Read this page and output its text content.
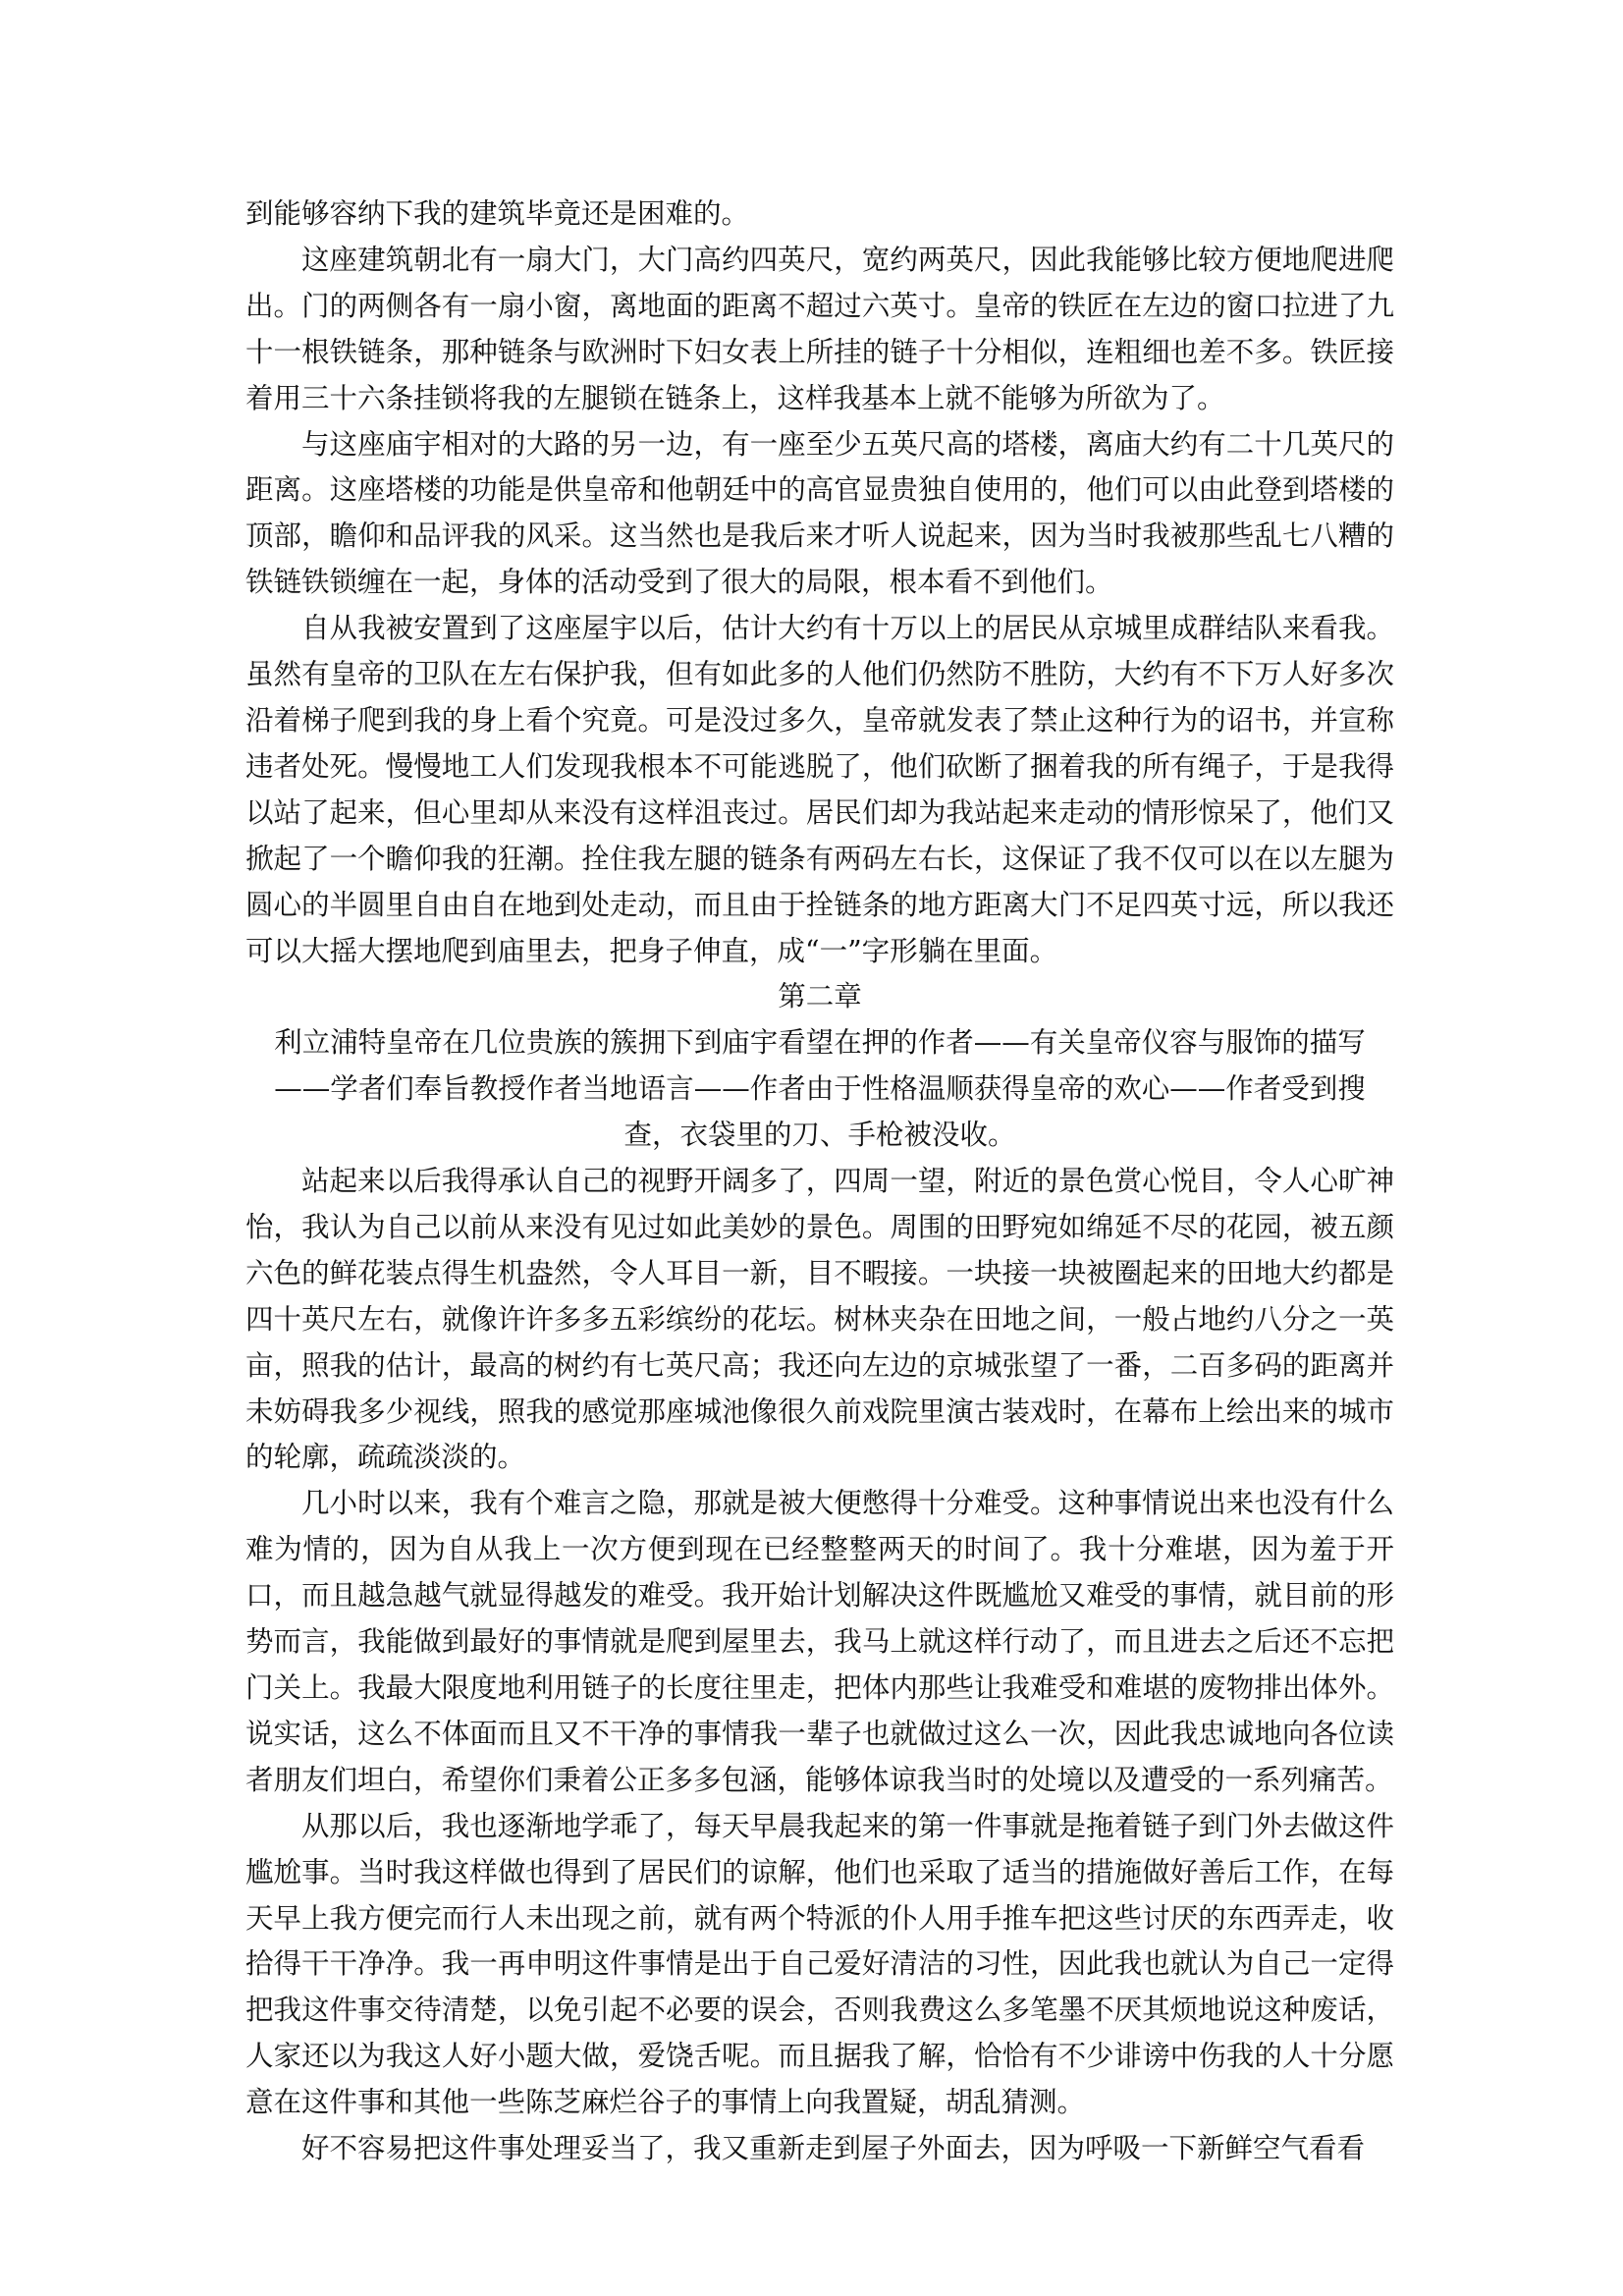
到能够容纳下我的建筑毕竟还是困难的。

这座建筑朝北有一扇大门，大门高约四英尺，宽约两英尺，因此我能够比较方便地爬进爬出。门的两侧各有一扇小窗，离地面的距离不超过六英寸。皇帝的铁匠在左边的窗口拉进了九十一根铁链条，那种链条与欧洲时下妇女表上所挂的链子十分相似，连粗细也差不多。铁匠接着用三十六条挂锁将我的左腿锁在链条上，这样我基本上就不能够为所欲为了。

与这座庙宇相对的大路的另一边，有一座至少五英尺高的塔楼，离庙大约有二十几英尺的距离。这座塔楼的功能是供皇帝和他朝廷中的高官显贵独自使用的，他们可以由此登到塔楼的顶部，瞻仰和品评我的风采。这当然也是我后来才听人说起来，因为当时我被那些乱七八糟的铁链铁锁缠在一起，身体的活动受到了很大的局限，根本看不到他们。

自从我被安置到了这座屋宇以后，估计大约有十万以上的居民从京城里成群结队来看我。虽然有皇帝的卫队在左右保护我，但有如此多的人他们仍然防不胜防，大约有不下万人好多次沿着梯子爬到我的身上看个究竟。可是没过多久，皇帝就发表了禁止这种行为的诏书，并宣称违者处死。慢慢地工人们发现我根本不可能逃脱了，他们砍断了捆着我的所有绳子，于是我得以站了起来，但心里却从来没有这样沮丧过。居民们却为我站起来走动的情形惊呆了，他们又掀起了一个瞻仰我的狂潮。拴住我左腿的链条有两码左右长，这保证了我不仅可以在以左腿为圆心的半圆里自由自在地到处走动，而且由于拴链条的地方距离大门不足四英寸远，所以我还可以大摇大摆地爬到庙里去，把身子伸直，成“一”字形躺在里面。

第二章

利立浦特皇帝在几位贵族的簇拥下到庙宇看望在押的作者——有关皇帝仪容与服饰的描写——学者们奉旨教授作者当地语言——作者由于性格温顺获得皇帝的欢心——作者受到搜查，衣袋里的刀、手枪被没收。

站起来以后我得承认自己的视野开阔多了，四周一望，附近的景色赏心悦目，令人心旷神怡，我认为自己以前从来没有见过如此美妙的景色。周围的田野宛如绵延不尽的花园，被五颜六色的鲜花装点得生机盎然，令人耳目一新，目不暇接。一块接一块被圈起来的田地大约都是四十英尺左右，就像许许多多五彩缤纷的花坛。树林夹杂在田地之间，一般占地约八分之一英亩，照我的估计，最高的树约有七英尺高；我还向左边的京城张望了一番，二百多码的距离并未妨碍我多少视线，照我的感觉那座城池像很久前戏院里演古装戏时，在幕布上绘出来的城市的轮廓，疏疏淡淡的。

几小时以来，我有个难言之隐，那就是被大便憋得十分难受。这种事情说出来也没有什么难为情的，因为自从我上一次方便到现在已经整整两天的时间了。我十分难堪，因为羞于开口，而且越急越气就显得越发的难受。我开始计划解决这件既尴尬又难受的事情，就目前的形势而言，我能做到最好的事情就是爬到屋里去，我马上就这样行动了，而且进去之后还不忘把门关上。我最大限度地利用链子的长度往里走，把体内那些让我难受和难堪的废物排出体外。说实话，这么不体面而且又不干净的事情我一辈子也就做过这么一次，因此我忠诚地向各位读者朋友们坦白，希望你们秉着公正多多包涵，能够体谅我当时的处境以及遭受的一系列痛苦。

从那以后，我也逐渐地学乖了，每天早晨我起来的第一件事就是拖着链子到门外去做这件尴尬事。当时我这样做也得到了居民们的谅解，他们也采取了适当的措施做好善后工作，在每天早上我方便完而行人未出现之前，就有两个特派的仆人用手推车把这些讨厌的东西弄走，收拾得干干净净。我一再申明这件事情是出于自己爱好清洁的习性，因此我也就认为自己一定得把我这件事交待清楚，以免引起不必要的误会，否则我费这么多笔墨不厌其烦地说这种废话，人家还以为我这人好小题大做，爱饶舌呢。而且据我了解，恰恰有不少诽谤中伤我的人十分愿意在这件事和其他一些陈芝麻烂谷子的事情上向我置疑，胡乱猜测。

好不容易把这件事处理妥当了，我又重新走到屋子外面去，因为呼吸一下新鲜空气看看
